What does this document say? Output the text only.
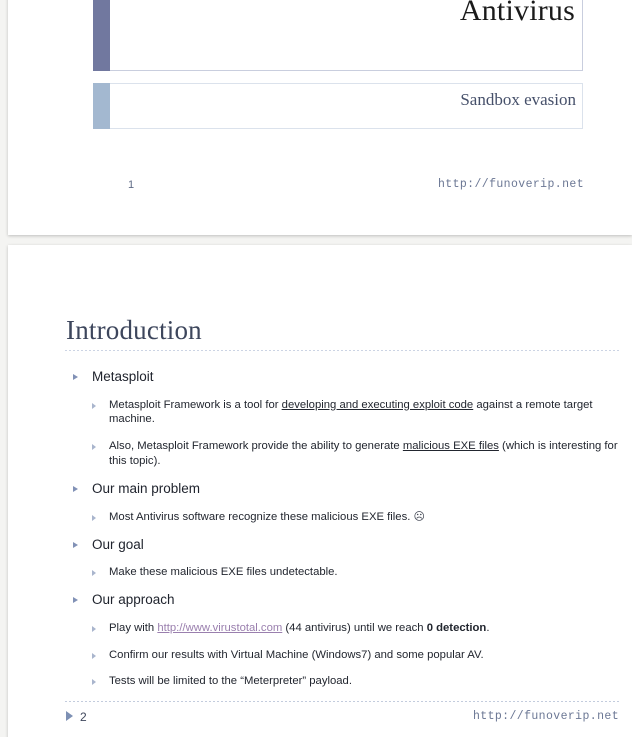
Antivirus
Sandbox evasion
1	http://funoverip.net
Introduction
Metasploit
Metasploit Framework is a tool for developing and executing exploit code against a remote target machine.
Also, Metasploit Framework provide the ability to generate malicious EXE files (which is interesting for this topic).
Our main problem
Most Antivirus software recognize these malicious EXE files. ☹
Our goal
Make these malicious EXE files undetectable.
Our approach
Play with http://www.virustotal.com (44 antivirus) until we reach 0 detection.
Confirm our results with Virtual Machine (Windows7) and some popular AV.
Tests will be limited to the “Meterpreter” payload.
2	http://funoverip.net
